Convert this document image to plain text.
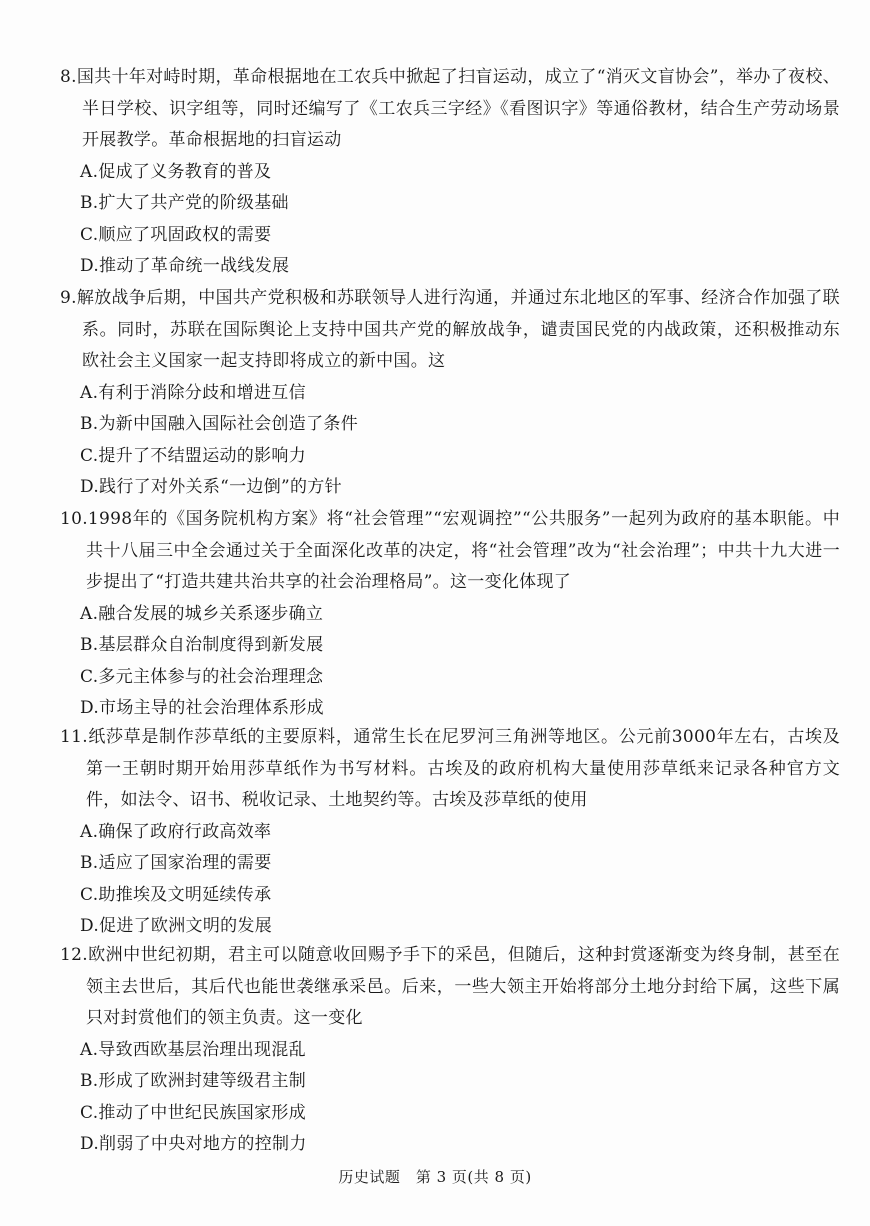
8.国共十年对峙时期，革命根据地在工农兵中掀起了扫盲运动，成立了“消灭文盲协会”，举办了夜校、半日学校、识字组等，同时还编写了《工农兵三字经》《看图识字》等通俗教材，结合生产劳动场景开展教学。革命根据地的扫盲运动

A.促成了义务教育的普及

B.扩大了共产党的阶级基础

C.顺应了巩固政权的需要

D.推动了革命统一战线发展

9.解放战争后期，中国共产党积极和苏联领导人进行沟通，并通过东北地区的军事、经济合作加强了联系。同时，苏联在国际舆论上支持中国共产党的解放战争，谴责国民党的内战政策，还积极推动东欧社会主义国家一起支持即将成立的新中国。这

A.有利于消除分歧和增进互信

B.为新中国融入国际社会创造了条件

C.提升了不结盟运动的影响力

D.践行了对外关系“一边倒”的方针

10.1998年的《国务院机构方案》将“社会管理”“宏观调控”“公共服务”一起列为政府的基本职能。中共十八届三中全会通过关于全面深化改革的决定，将“社会管理”改为“社会治理”；中共十九大进一步提出了“打造共建共治共享的社会治理格局”。这一变化体现了

A.融合发展的城乡关系逐步确立

B.基层群众自治制度得到新发展

C.多元主体参与的社会治理理念

D.市场主导的社会治理体系形成

11.纸莎草是制作莎草纸的主要原料，通常生长在尼罗河三角洲等地区。公元前3000年左右，古埃及第一王朝时期开始用莎草纸作为书写材料。古埃及的政府机构大量使用莎草纸来记录各种官方文件，如法令、诏书、税收记录、土地契约等。古埃及莎草纸的使用

A.确保了政府行政高效率

B.适应了国家治理的需要

C.助推埃及文明延续传承

D.促进了欧洲文明的发展

12.欧洲中世纪初期，君主可以随意收回赐予手下的采邑，但随后，这种封赏逐渐变为终身制，甚至在领主去世后，其后代也能世袭继承采邑。后来，一些大领主开始将部分土地分封给下属，这些下属只对封赏他们的领主负责。这一变化

A.导致西欧基层治理出现混乱

B.形成了欧洲封建等级君主制

C.推动了中世纪民族国家形成

D.削弱了中央对地方的控制力

历史试题　第 3 页(共 8 页)
